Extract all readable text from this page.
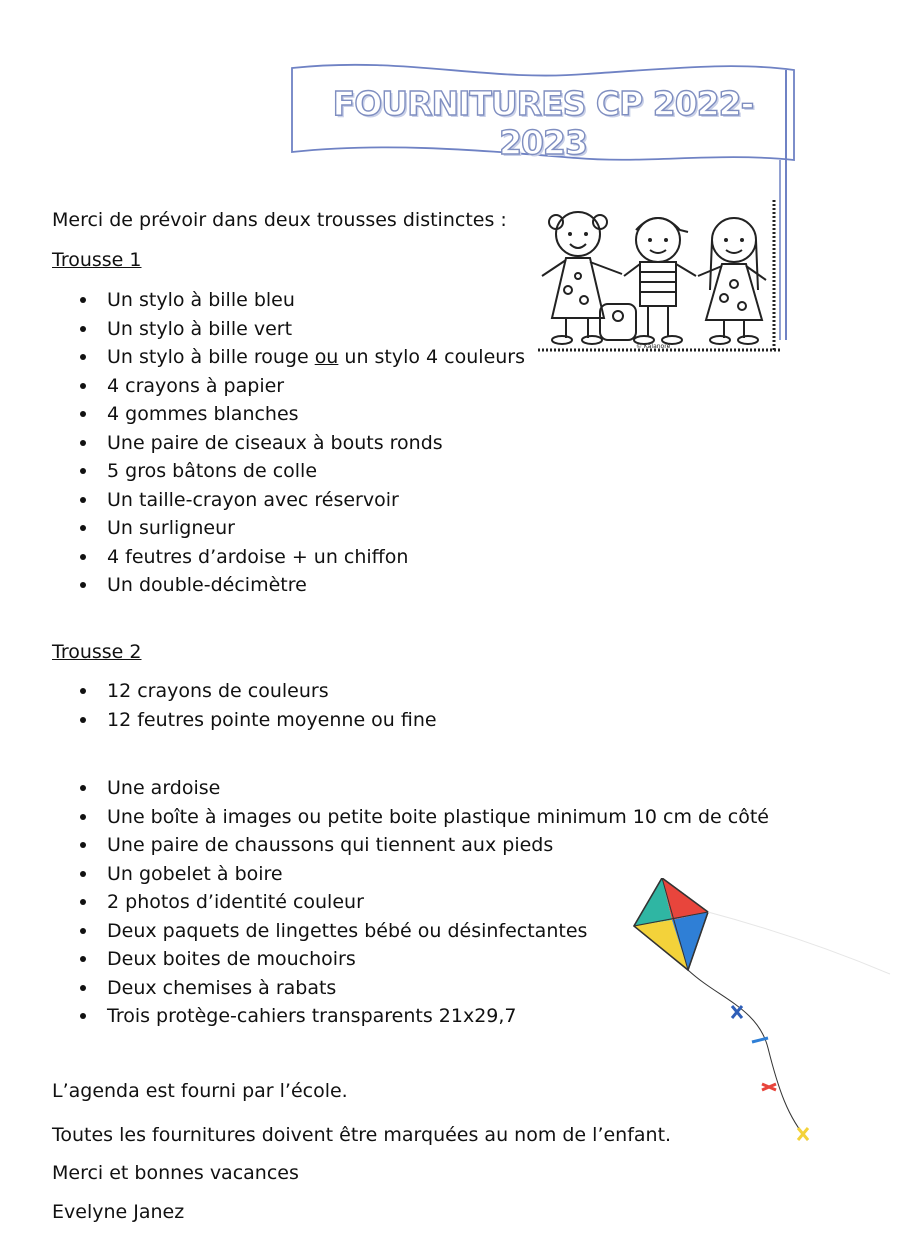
FOURNITURES CP 2022-2023
© Kalanore
Merci de prévoir dans deux trousses distinctes :
Trousse 1
Un stylo à bille bleu
Un stylo à bille vert
Un stylo à bille rouge ou un stylo 4 couleurs
4 crayons à papier
4 gommes blanches
Une paire de ciseaux à bouts ronds
5 gros bâtons de colle
Un taille-crayon avec réservoir
Un surligneur
4 feutres d’ardoise + un chiffon
Un double-décimètre
Trousse 2
12 crayons de couleurs
12 feutres pointe moyenne ou fine
Une ardoise
Une boîte à images ou petite boite plastique minimum 10 cm de côté
Une paire de chaussons qui tiennent aux pieds
Un gobelet à boire
2 photos d’identité couleur
Deux paquets de lingettes bébé ou désinfectantes
Deux boites de mouchoirs
Deux chemises à rabats
Trois protège-cahiers transparents 21x29,7
L’agenda est fourni par l’école.
Toutes les fournitures doivent être marquées au nom de l’enfant.
Merci et bonnes vacances
Evelyne Janez
